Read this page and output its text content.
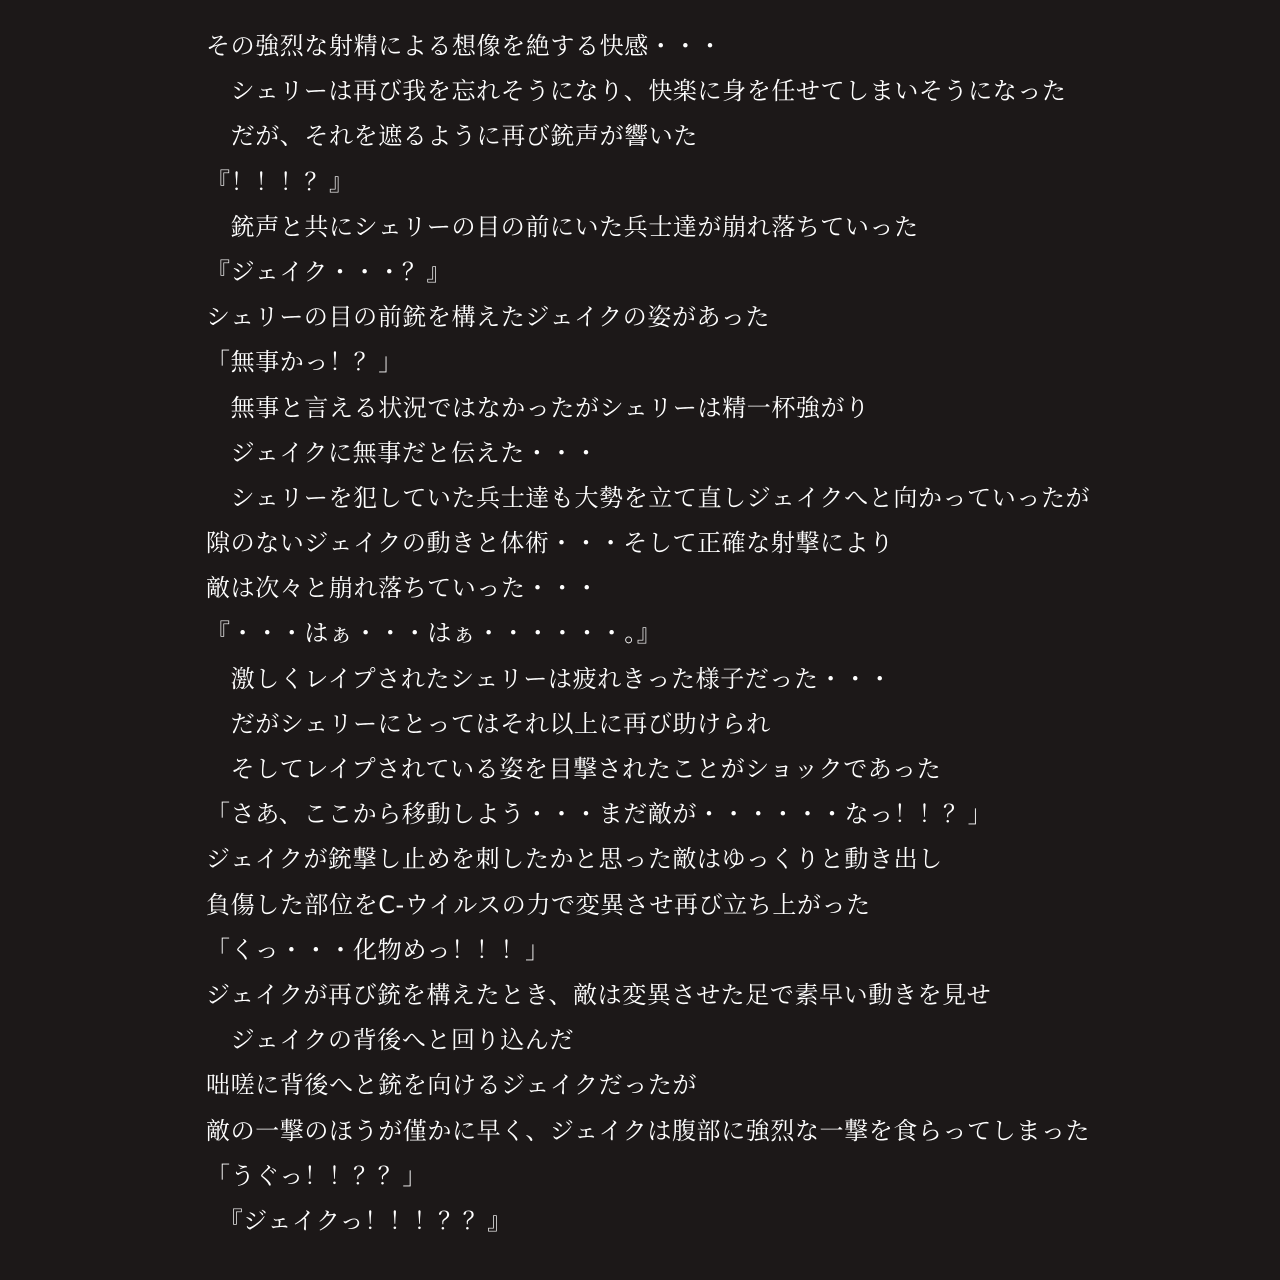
その強烈な射精による想像を絶する快感・・・
　シェリーは再び我を忘れそうになり、快楽に身を任せてしまいそうになった
　だが、それを遮るように再び銃声が響いた
『！！！？』
　銃声と共にシェリーの目の前にいた兵士達が崩れ落ちていった
『ジェイク・・・？』
シェリーの目の前銃を構えたジェイクの姿があった
「無事かっ！？」
　無事と言える状況ではなかったがシェリーは精一杯強がり
　ジェイクに無事だと伝えた・・・
　シェリーを犯していた兵士達も大勢を立て直しジェイクへと向かっていったが
隙のないジェイクの動きと体術・・・そして正確な射撃により
敵は次々と崩れ落ちていった・・・
『・・・はぁ・・・はぁ・・・・・・。』
　激しくレイプされたシェリーは疲れきった様子だった・・・
　だがシェリーにとってはそれ以上に再び助けられ
　そしてレイプされている姿を目撃されたことがショックであった
「さあ、ここから移動しよう・・・まだ敵が・・・・・・なっ！！？」
ジェイクが銃撃し止めを刺したかと思った敵はゆっくりと動き出し
負傷した部位をC-ウイルスの力で変異させ再び立ち上がった
「くっ・・・化物めっ！！！」
ジェイクが再び銃を構えたとき、敵は変異させた足で素早い動きを見せ
　ジェイクの背後へと回り込んだ
咄嗟に背後へと銃を向けるジェイクだったが
敵の一撃のほうが僅かに早く、ジェイクは腹部に強烈な一撃を食らってしまった
「うぐっ！！？？」
　『ジェイクっ！！！？？』
